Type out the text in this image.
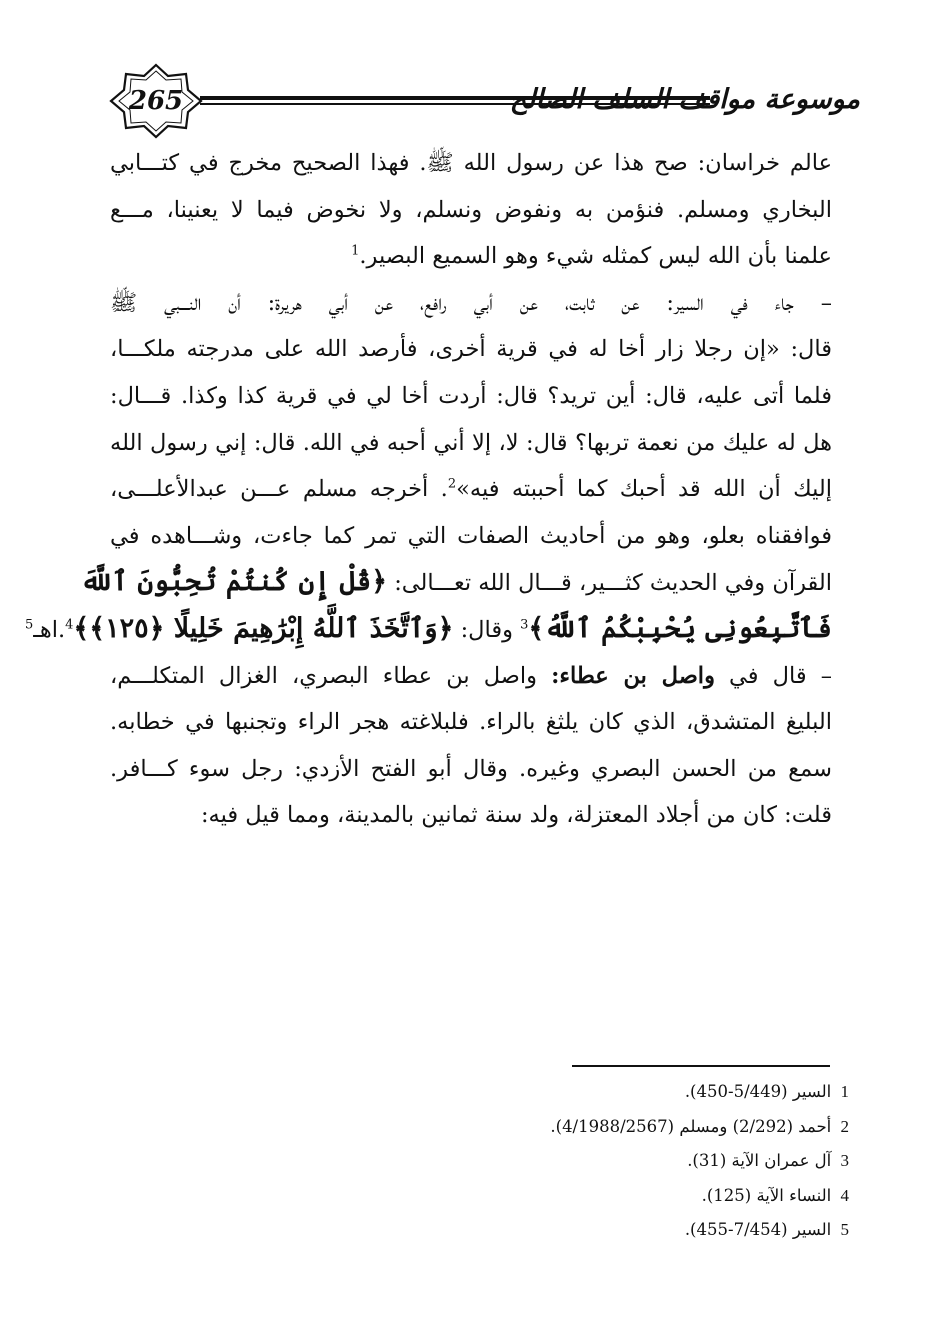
265	موسوعة مواقف السلف الصالح
عالم خراسان: صح هذا عن رسول الله ﷺ. فهذا الصحيح مخرج في كتـــابي
البخاري ومسلم. فنؤمن به ونفوض ونسلم، ولا نخوض فيما لا يعنينا، مـــع
علمنا بأن الله ليس كمثله شيء وهو السميع البصير.$^1$
– جاء في السير: عن ثابت، عن أبي رافع، عن أبي هريرة: أن النـــبي ﷺ
قال: «إن رجلا زار أخا له في قرية أخرى، فأرصد الله على مدرجته ملكـــا،
فلما أتى عليه، قال: أين تريد؟ قال: أردت أخا لي في قرية كذا وكذا. قـــال:
هل له عليك من نعمة تربها؟ قال: لا، إلا أني أحبه في الله. قال: إني رسول الله
إليك أن الله قد أحبك كما أحببته فيه»$^2$. أخرجه مسلم عـــن عبدالأعلـــى،
فوافقناه بعلو، وهو من أحاديث الصفات التي تمر كما جاءت، وشـــاهده في
القرآن وفي الحديث كثـــير، قـــال الله تعـــالى: ﴿قُلْ إِن كُنتُمْ تُحِبُّونَ ٱللَّهَ
فَٱتَّبِعُونِى يُحْبِبْكُمُ ٱللَّهُ﴾$^3$ وقال: ﴿وَٱتَّخَذَ ٱللَّهُ إِبْرَٰهِيمَ خَلِيلًا ﴿١٢٥﴾﴾$^4$.اهـ$^5$
– قال في واصل بن عطاء: واصل بن عطاء البصري، الغزال المتكلـــم،
البليغ المتشدق، الذي كان يلثغ بالراء. فلبلاغته هجر الراء وتجنبها في خطابه.
سمع من الحسن البصري وغيره. وقال أبو الفتح الأزدي: رجل سوء كـــافر.
قلت: كان من أجلاد المعتزلة، ولد سنة ثمانين بالمدينة، ومما قيل فيه:
1 السير (5/449-450).
2 أحمد (2/292) ومسلم (4/1988/2567).
3 آل عمران الآية (31).
4 النساء الآية (125).
5 السير (7/454-455).
